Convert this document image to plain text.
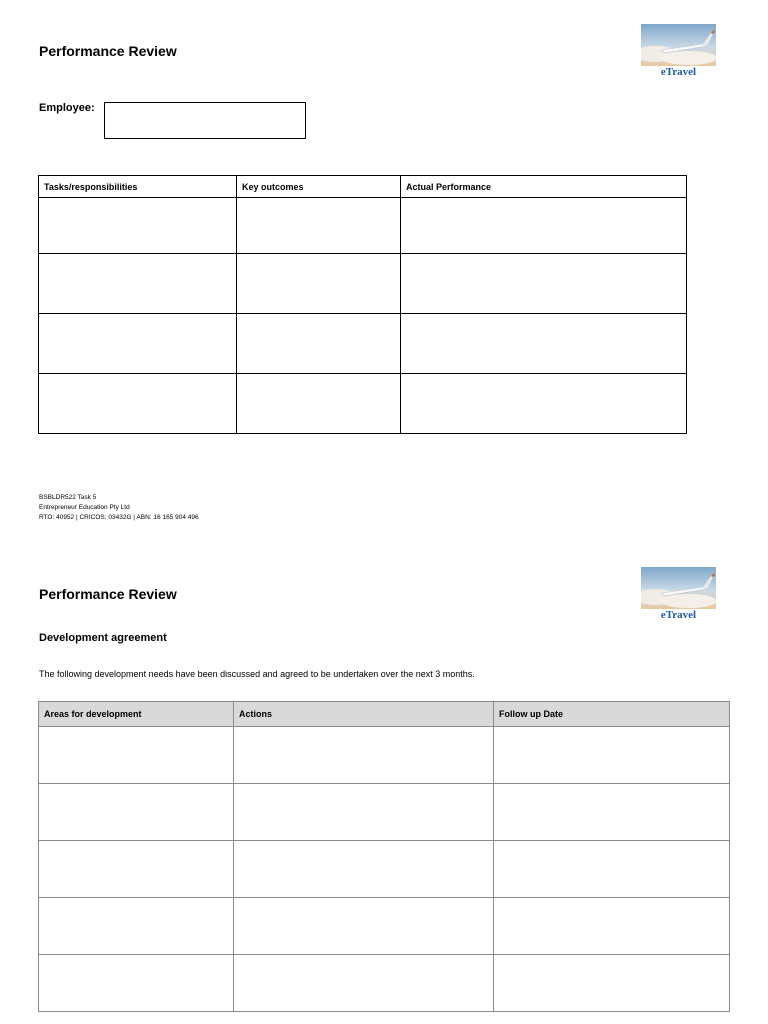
Performance Review
eTravel
Employee:
Tasks/responsibilities	Key outcomes	Actual Performance

BSBLDR522 Task 5
Entrepreneur Education Pty Ltd
RTO: 40952 | CRICOS: 03432G | ABN: 16 165 904 496
Performance Review
eTravel
Development agreement
The following development needs have been discussed and agreed to be undertaken over the next 3 months.
Areas for development	Actions	Follow up Date
